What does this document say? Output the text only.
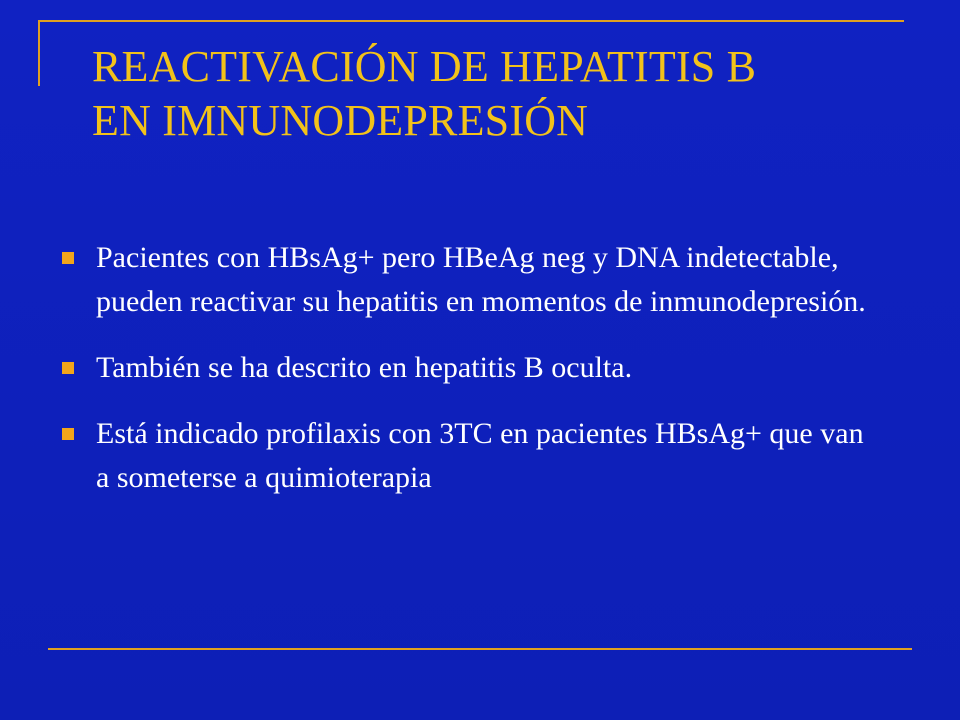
REACTIVACIÓN DE HEPATITIS B
EN IMNUNODEPRESIÓN
Pacientes con HBsAg+ pero HBeAg neg y DNA indetectable, pueden reactivar su hepatitis en momentos de inmunodepresión.
También se ha descrito en hepatitis B oculta.
Está indicado profilaxis con 3TC en pacientes HBsAg+ que van a someterse a quimioterapia
